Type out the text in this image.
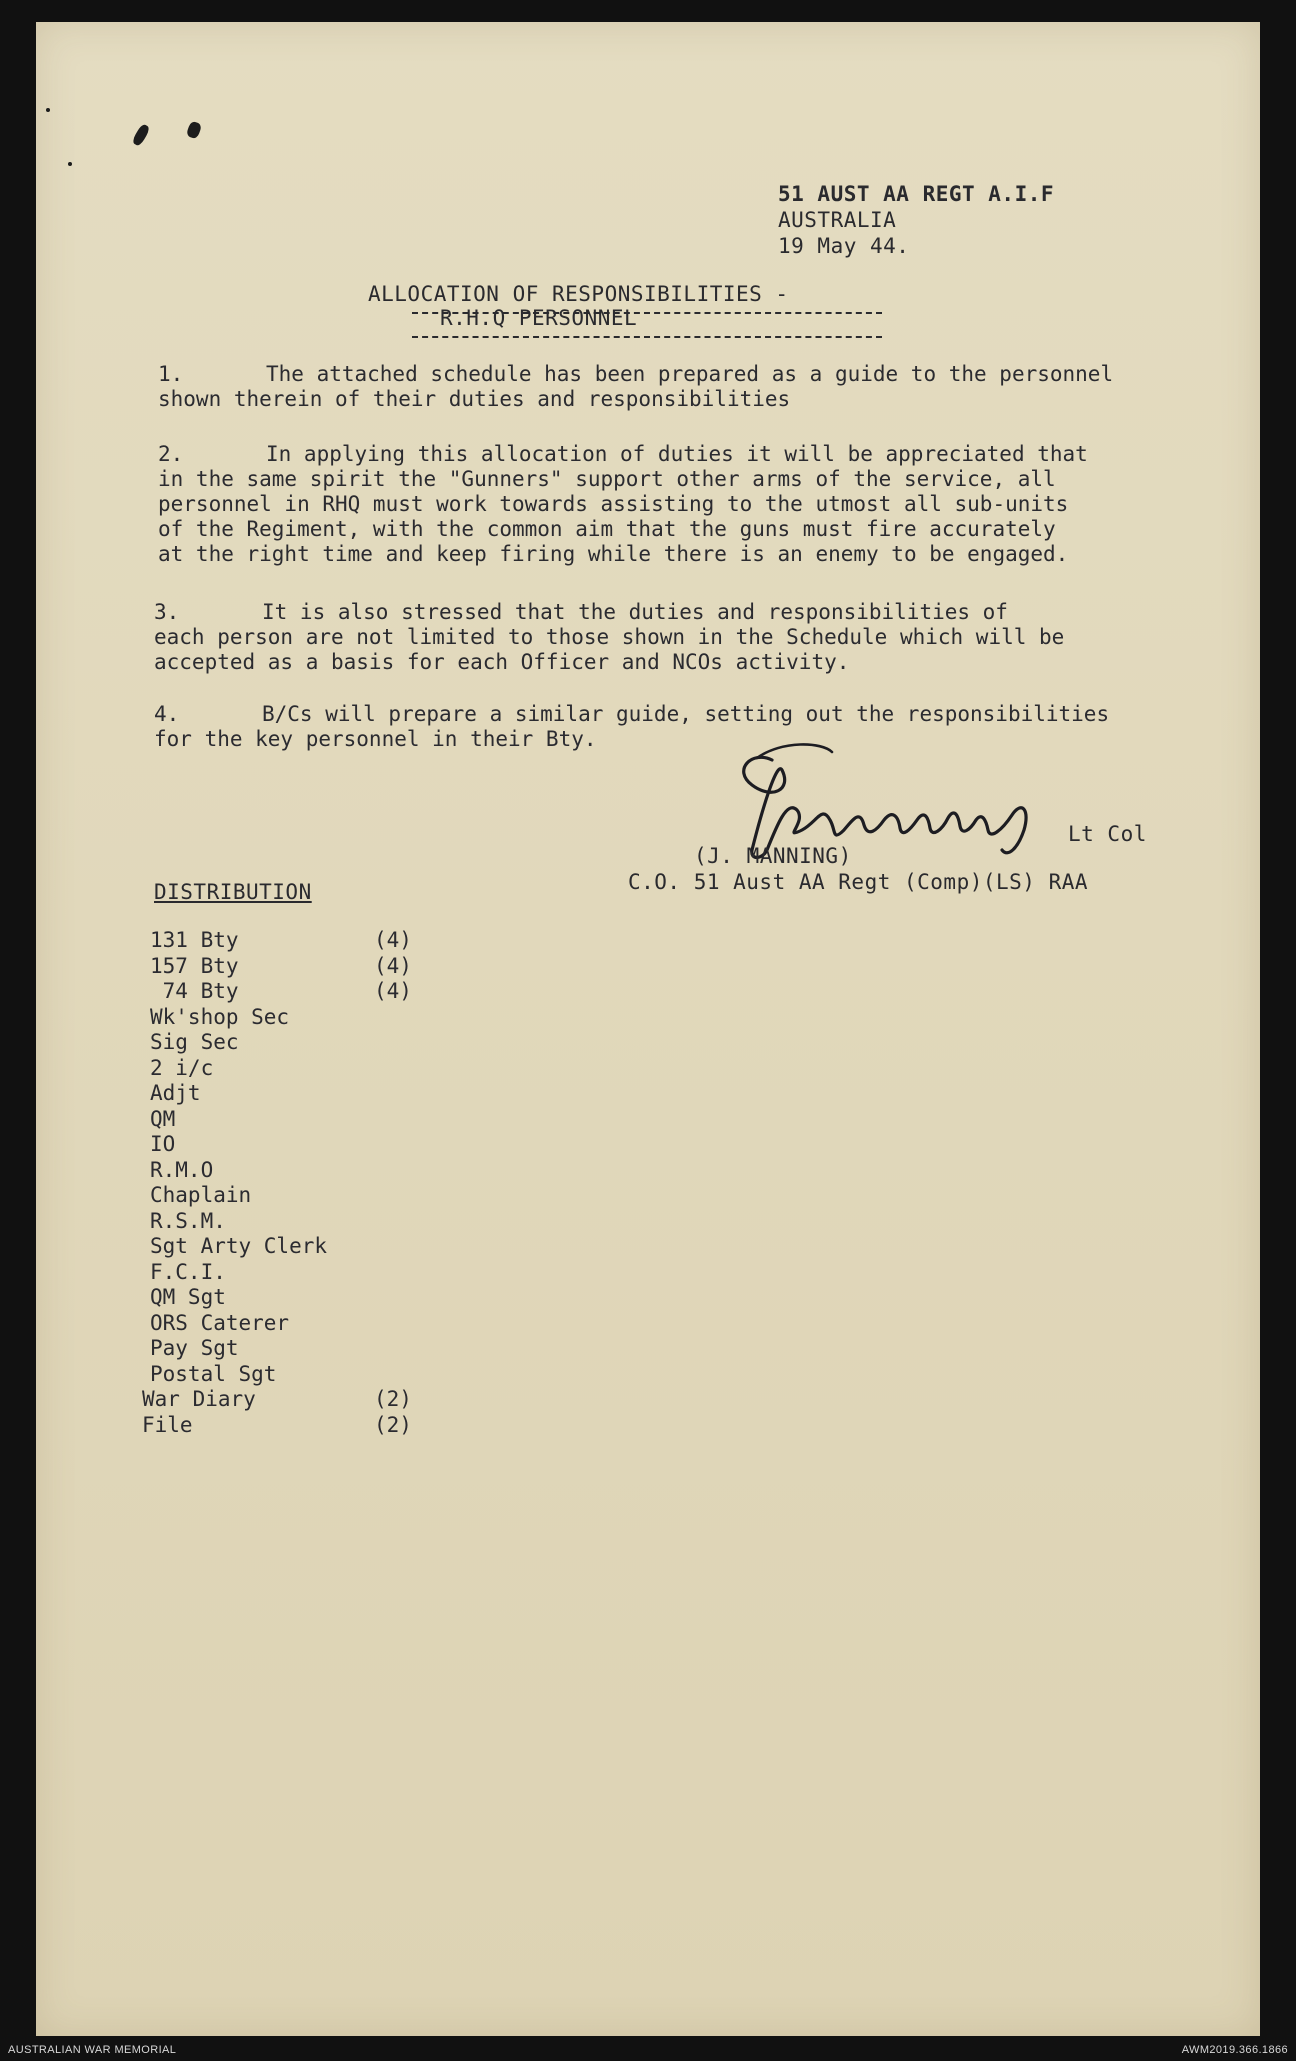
51 AUST AA REGT A.I.F
AUSTRALIA
19 May 44.
ALLOCATION OF RESPONSIBILITIES -
R.H.Q PERSONNEL
1.	The attached schedule has been prepared as a guide to the personnel
shown therein of their duties and responsibilities
2.	In applying this allocation of duties it will be appreciated that
in the same spirit the "Gunners" support other arms of the service, all
personnel in RHQ must work towards assisting to the utmost all sub-units
of the Regiment, with the common aim that the guns must fire accurately
at the right time and keep firing while there is an enemy to be engaged.
3.	It is also stressed that the duties and responsibilities of
each person are not limited to those shown in the Schedule which will be
accepted as a basis for each Officer and NCOs activity.
4.	B/Cs will prepare a similar guide, setting out the responsibilities
for the key personnel in their Bty.
Lt Col
(J. MANNING)
C.O. 51 Aust AA Regt (Comp)(LS) RAA
DISTRIBUTION
131 Bty	(4)
157 Bty	(4)
74 Bty	(4)
Wk'shop Sec
Sig Sec
2 i/c
Adjt
QM
IO
R.M.O
Chaplain
R.S.M.
Sgt Arty Clerk
F.C.I.
QM Sgt
ORS Caterer
Pay Sgt
Postal Sgt
War Diary	(2)
File	(2)
AUSTRALIAN WAR MEMORIAL	AWM2019.366.1866
